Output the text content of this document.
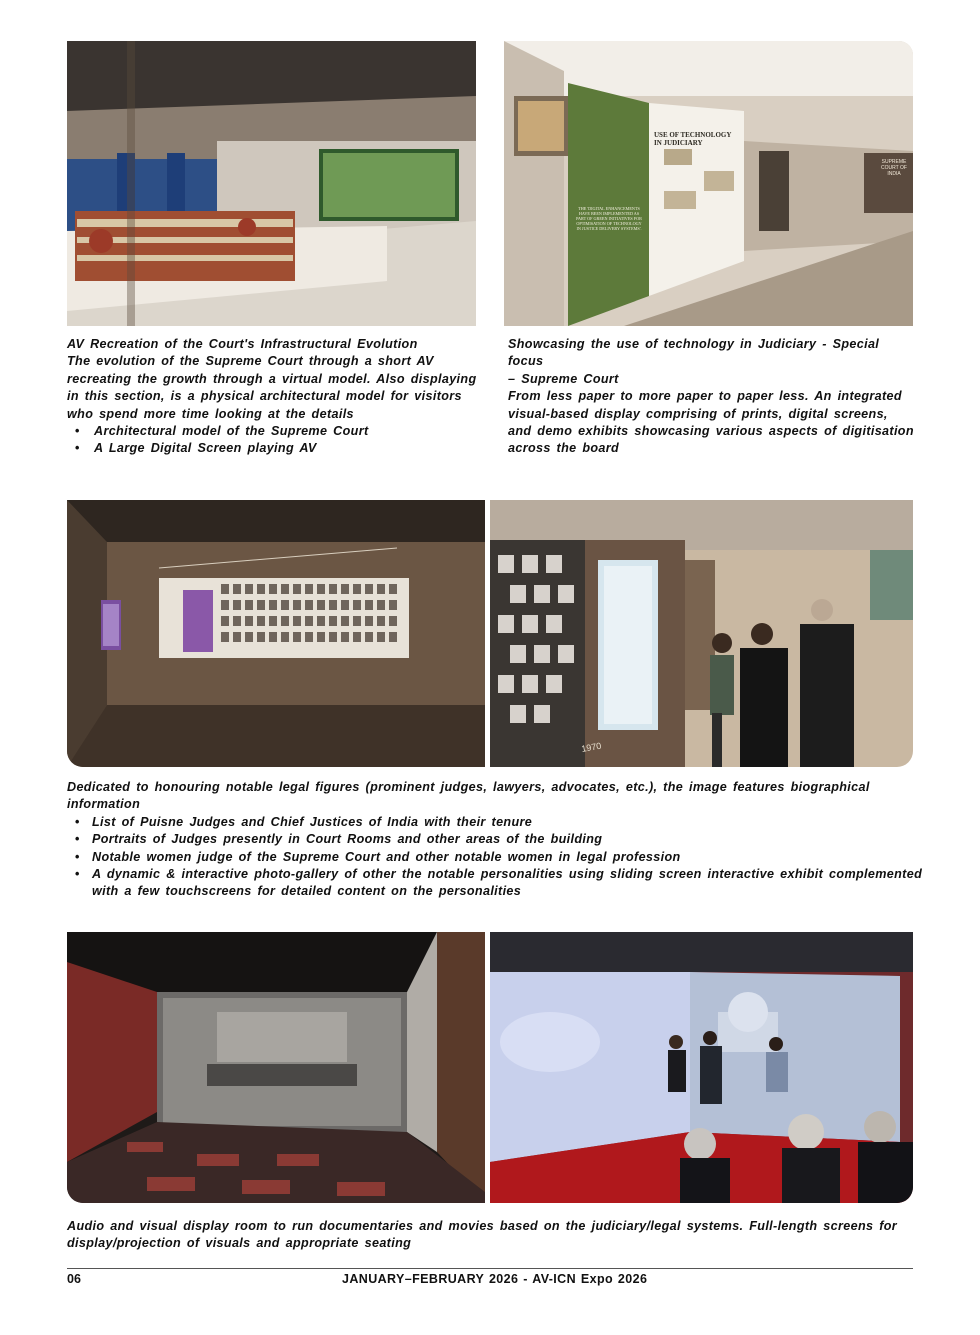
USE OF TECHNOLOGY IN JUDICIARY
THE 'DIGITAL ENHANCEMENTS HAVE BEEN IMPLEMENTED AS PART OF GREEN INITIATIVES FOR OPTIMISATION OF TECHNOLOGY IN JUSTICE DELIVERY SYSTEMS'.
SUPREME COURT OF INDIA

AV Recreation of the Court's Infrastructural Evolution

The evolution of the Supreme Court through a short AV

recreating the growth through a virtual model. Also displaying

in this section, is a physical architectural model for visitors

who spend more time looking at the details

• Architectural model of the Supreme Court
• A Large Digital Screen playing AV

Showcasing the use of technology in Judiciary - Special focus

– Supreme Court

From less paper to more paper to paper less. An integrated

visual-based display comprising of prints, digital screens,

and demo exhibits showcasing various aspects of digitisation

across the board

1970

Dedicated to honouring notable legal figures (prominent judges, lawyers, advocates, etc.), the image features biographical

information

• List of Puisne Judges and Chief Justices of India with their tenure
• Portraits of Judges presently in Court Rooms and other areas of the building
• Notable women judge of the Supreme Court and other notable women in legal profession
• A dynamic & interactive photo-gallery of other the notable personalities using sliding screen interactive exhibit complemented
with a few touchscreens for detailed content on the personalities

Audio and visual display room to run documentaries and movies based on the judiciary/legal systems. Full-length screens for

display/projection of visuals and appropriate seating

06	JANUARY–FEBRUARY 2026 - AV-ICN Expo 2026
